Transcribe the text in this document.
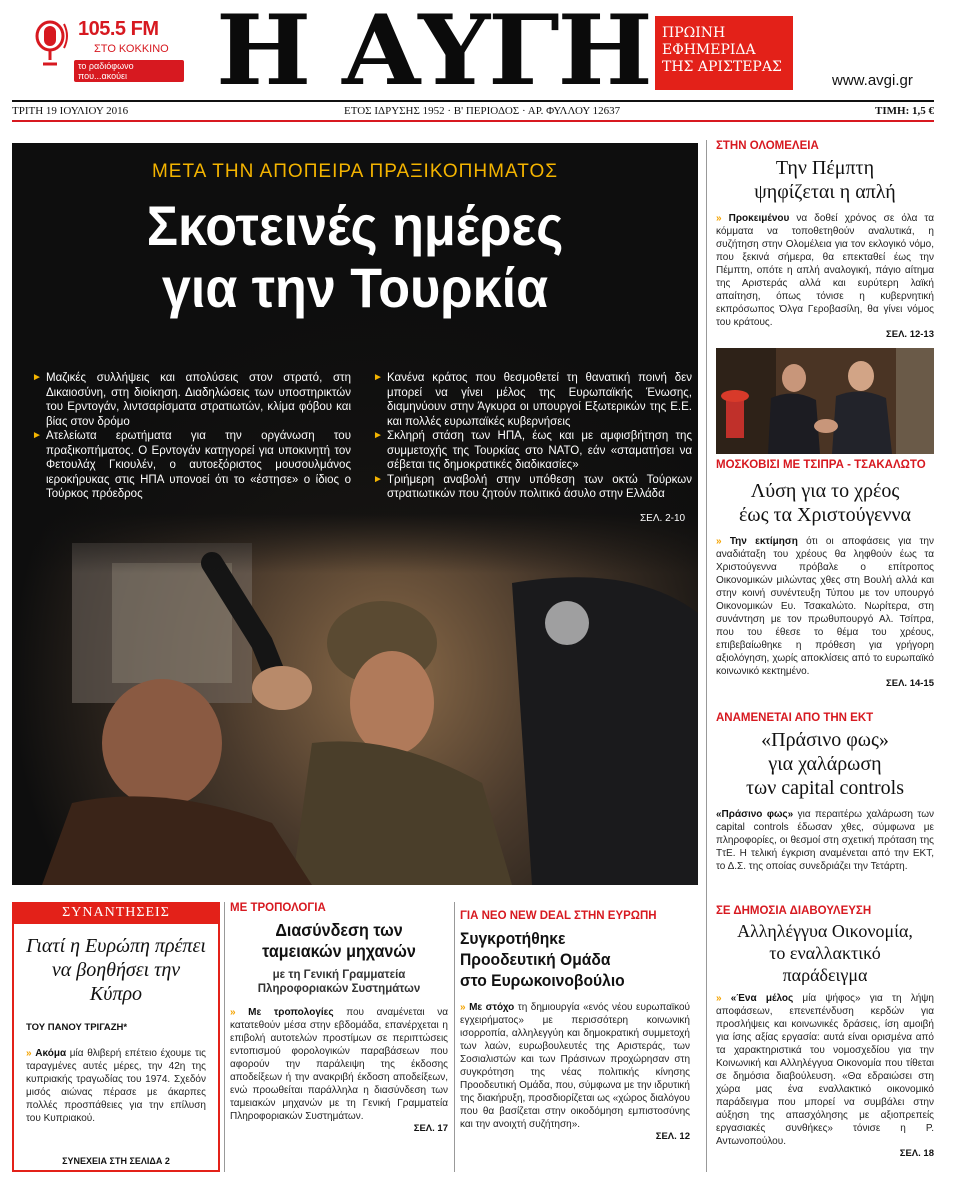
105.5 FM
ΣΤΟ ΚΟΚΚΙΝΟ
το ραδιόφωνο που...ακούει Η ΑΥΓΗ ΠΡΩΙΝΗ
ΕΦΗΜΕΡΙΔΑ
ΤΗΣ ΑΡΙΣΤΕΡΑΣ
www.avgi.gr
ΤΡΙΤΗ 19 ΙΟΥΛΙΟΥ 2016	ΕΤΟΣ ΙΔΡΥΣΗΣ 1952 · Β' ΠΕΡΙΟΔΟΣ · ΑΡ. ΦΥΛΛΟΥ 12637	ΤΙΜΗ: 1,5 €
ΜΕΤΑ ΤΗΝ ΑΠΟΠΕΙΡΑ ΠΡΑΞΙΚΟΠΗΜΑΤΟΣ
Σκοτεινές ημέρες
για την Τουρκία
► Μαζικές συλλήψεις και απολύσεις στον στρατό, στη Δικαιοσύνη, στη διοίκηση. Διαδηλώσεις των υποστηρικτών του Ερντογάν, λιντσαρίσματα στρατιωτών, κλίμα φόβου και βίας στον δρόμο
► Ατελείωτα ερωτήματα για την οργάνωση του πραξικοπήματος. Ο Ερντογάν κατηγορεί για υποκινητή τον Φετουλάχ Γκιουλέν, ο αυτοεξόριστος μουσουλμάνος ιεροκήρυκας στις ΗΠΑ υπονοεί ότι το «έστησε» ο ίδιος ο Τούρκος πρόεδρος
► Κανένα κράτος που θεσμοθετεί τη θανατική ποινή δεν μπορεί να γίνει μέλος της Ευρωπαϊκής Ένωσης, διαμηνύουν στην Άγκυρα οι υπουργοί Εξωτερικών της Ε.Ε. και πολλές ευρωπαϊκές κυβερνήσεις
► Σκληρή στάση των ΗΠΑ, έως και με αμφισβήτηση της συμμετοχής της Τουρκίας στο ΝΑΤΟ, εάν «σταματήσει να σέβεται τις δημοκρατικές διαδικασίες»
► Τριήμερη αναβολή στην υπόθεση των οκτώ Τούρκων στρατιωτικών που ζητούν πολιτικό άσυλο στην Ελλάδα
ΣΕΛ. 2-10
ΣΤΗΝ ΟΛΟΜΕΛΕΙΑ
Την Πέμπτη
ψηφίζεται η απλή

» Προκειμένου να δοθεί χρόνος σε όλα τα κόμματα να τοποθετηθούν αναλυτικά, η συζήτηση στην Ολομέλεια για τον εκλογικό νόμο, που ξεκινά σήμερα, θα επεκταθεί έως την Πέμπτη, οπότε η απλή αναλογική, πάγιο αίτημα της Αριστεράς αλλά και ευρύτερη λαϊκή απαίτηση, όπως τόνισε η κυβερνητική εκπρόσωπος Όλγα Γεροβασίλη, θα γίνει νόμος του κράτους.

ΣΕΛ. 12-13
ΜΟΣΚΟΒΙΣΙ ΜΕ ΤΣΙΠΡΑ - ΤΣΑΚΑΛΩΤΟ
Λύση για το χρέος
έως τα Χριστούγεννα

» Την εκτίμηση ότι οι αποφάσεις για την αναδιάταξη του χρέους θα ληφθούν έως τα Χριστούγεννα πρόβαλε ο επίτροπος Οικονομικών μιλώντας χθες στη Βουλή αλλά και στην κοινή συνέντευξη Τύπου με τον υπουργό Οικονομικών Ευ. Τσακαλώτο. Νωρίτερα, στη συνάντηση με τον πρωθυπουργό Αλ. Τσίπρα, που του έθεσε το θέμα του χρέους, επιβεβαίωθηκε η πρόθεση για γρήγορη αξιολόγηση, χωρίς αποκλίσεις από το ευρωπαϊκό κοινωνικό κεκτημένο.

ΣΕΛ. 14-15
ΑΝΑΜΕΝΕΤΑΙ ΑΠΟ ΤΗΝ ΕΚΤ
«Πράσινο φως»
για χαλάρωση
των capital controls

«Πράσινο φως» για περαιτέρω χαλάρωση των capital controls έδωσαν χθες, σύμφωνα με πληροφορίες, οι θεσμοί στη σχετική πρόταση της ΤτΕ. Η τελική έγκριση αναμένεται από την ΕΚΤ, το Δ.Σ. της οποίας συνεδριάζει την Τετάρτη.

ΣΕ ΔΗΜΟΣΙΑ ΔΙΑΒΟΥΛΕΥΣΗ
Αλληλέγγυα Οικονομία,
το εναλλακτικό
παράδειγμα

» «Ένα μέλος μία ψήφος» για τη λήψη αποφάσεων, επενεπένδυση κερδών για προσλήψεις και κοινωνικές δράσεις, ίση αμοιβή για ίσης αξίας εργασία: αυτά είναι ορισμένα από τα χαρακτηριστικά του νομοσχεδίου για την Κοινωνική και Αλληλέγγυα Οικονομία που τίθεται σε δημόσια διαβούλευση. «Θα εδραιώσει στη χώρα μας ένα εναλλακτικό οικονομικό παράδειγμα που μπορεί να συμβάλει στην αύξηση της απασχόλησης με αξιοπρεπείς εργασιακές συνθήκες» τόνισε η Ρ. Αντωνοπούλου.

ΣΕΛ. 18
ΣΥΝΑΝΤΗΣΕΙΣ
Γιατί η Ευρώπη πρέπει να βοηθήσει την Κύπρο
ΤΟΥ ΠΑΝΟΥ ΤΡΙΓΑΖΗ*

» Ακόμα μία θλιβερή επέτειο έχουμε τις ταραγμένες αυτές μέρες, την 42η της κυπριακής τραγωδίας του 1974. Σχεδόν μισός αιώνας πέρασε με άκαρπες πολλές προσπάθειες για την επίλυση του Κυπριακού.

ΣΥΝΕΧΕΙΑ ΣΤΗ ΣΕΛΙΔΑ 2
ΜΕ ΤΡΟΠΟΛΟΓΙΑ
Διασύνδεση των
ταμειακών μηχανών
με τη Γενική Γραμματεία
Πληροφοριακών Συστημάτων

» Με τροπολογίες που αναμένεται να κατατεθούν μέσα στην εβδομάδα, επανέρχεται η επιβολή αυτοτελών προστίμων σε περιπτώσεις εντοπισμού φορολογικών παραβάσεων που αφορούν την παράλειψη της έκδοσης αποδείξεων ή την ανακριβή έκδοση αποδείξεων, ενώ προωθείται παράλληλα η διασύνδεση των ταμειακών μηχανών με τη Γενική Γραμματεία Πληροφοριακών Συστημάτων.

ΣΕΛ. 17
ΓΙΑ ΝΕΟ NEW DEAL ΣΤΗΝ ΕΥΡΩΠΗ
Συγκροτήθηκε
Προοδευτική Ομάδα
στο Ευρωκοινοβούλιο

» Με στόχο τη δημιουργία «ενός νέου ευρωπαϊκού εγχειρήματος» με περισσότερη κοινωνική ισορροπία, αλληλεγγύη και δημοκρατική συμμετοχή των λαών, ευρωβουλευτές της Αριστεράς, των Σοσιαλιστών και των Πράσινων προχώρησαν στη συγκρότηση της νέας πολιτικής κίνησης Προοδευτική Ομάδα, που, σύμφωνα με την ιδρυτική της διακήρυξη, προσδιορίζεται ως «χώρος διαλόγου που θα βασίζεται στην οικοδόμηση εμπιστοσύνης και την ανοιχτή συζήτηση».

ΣΕΛ. 12
